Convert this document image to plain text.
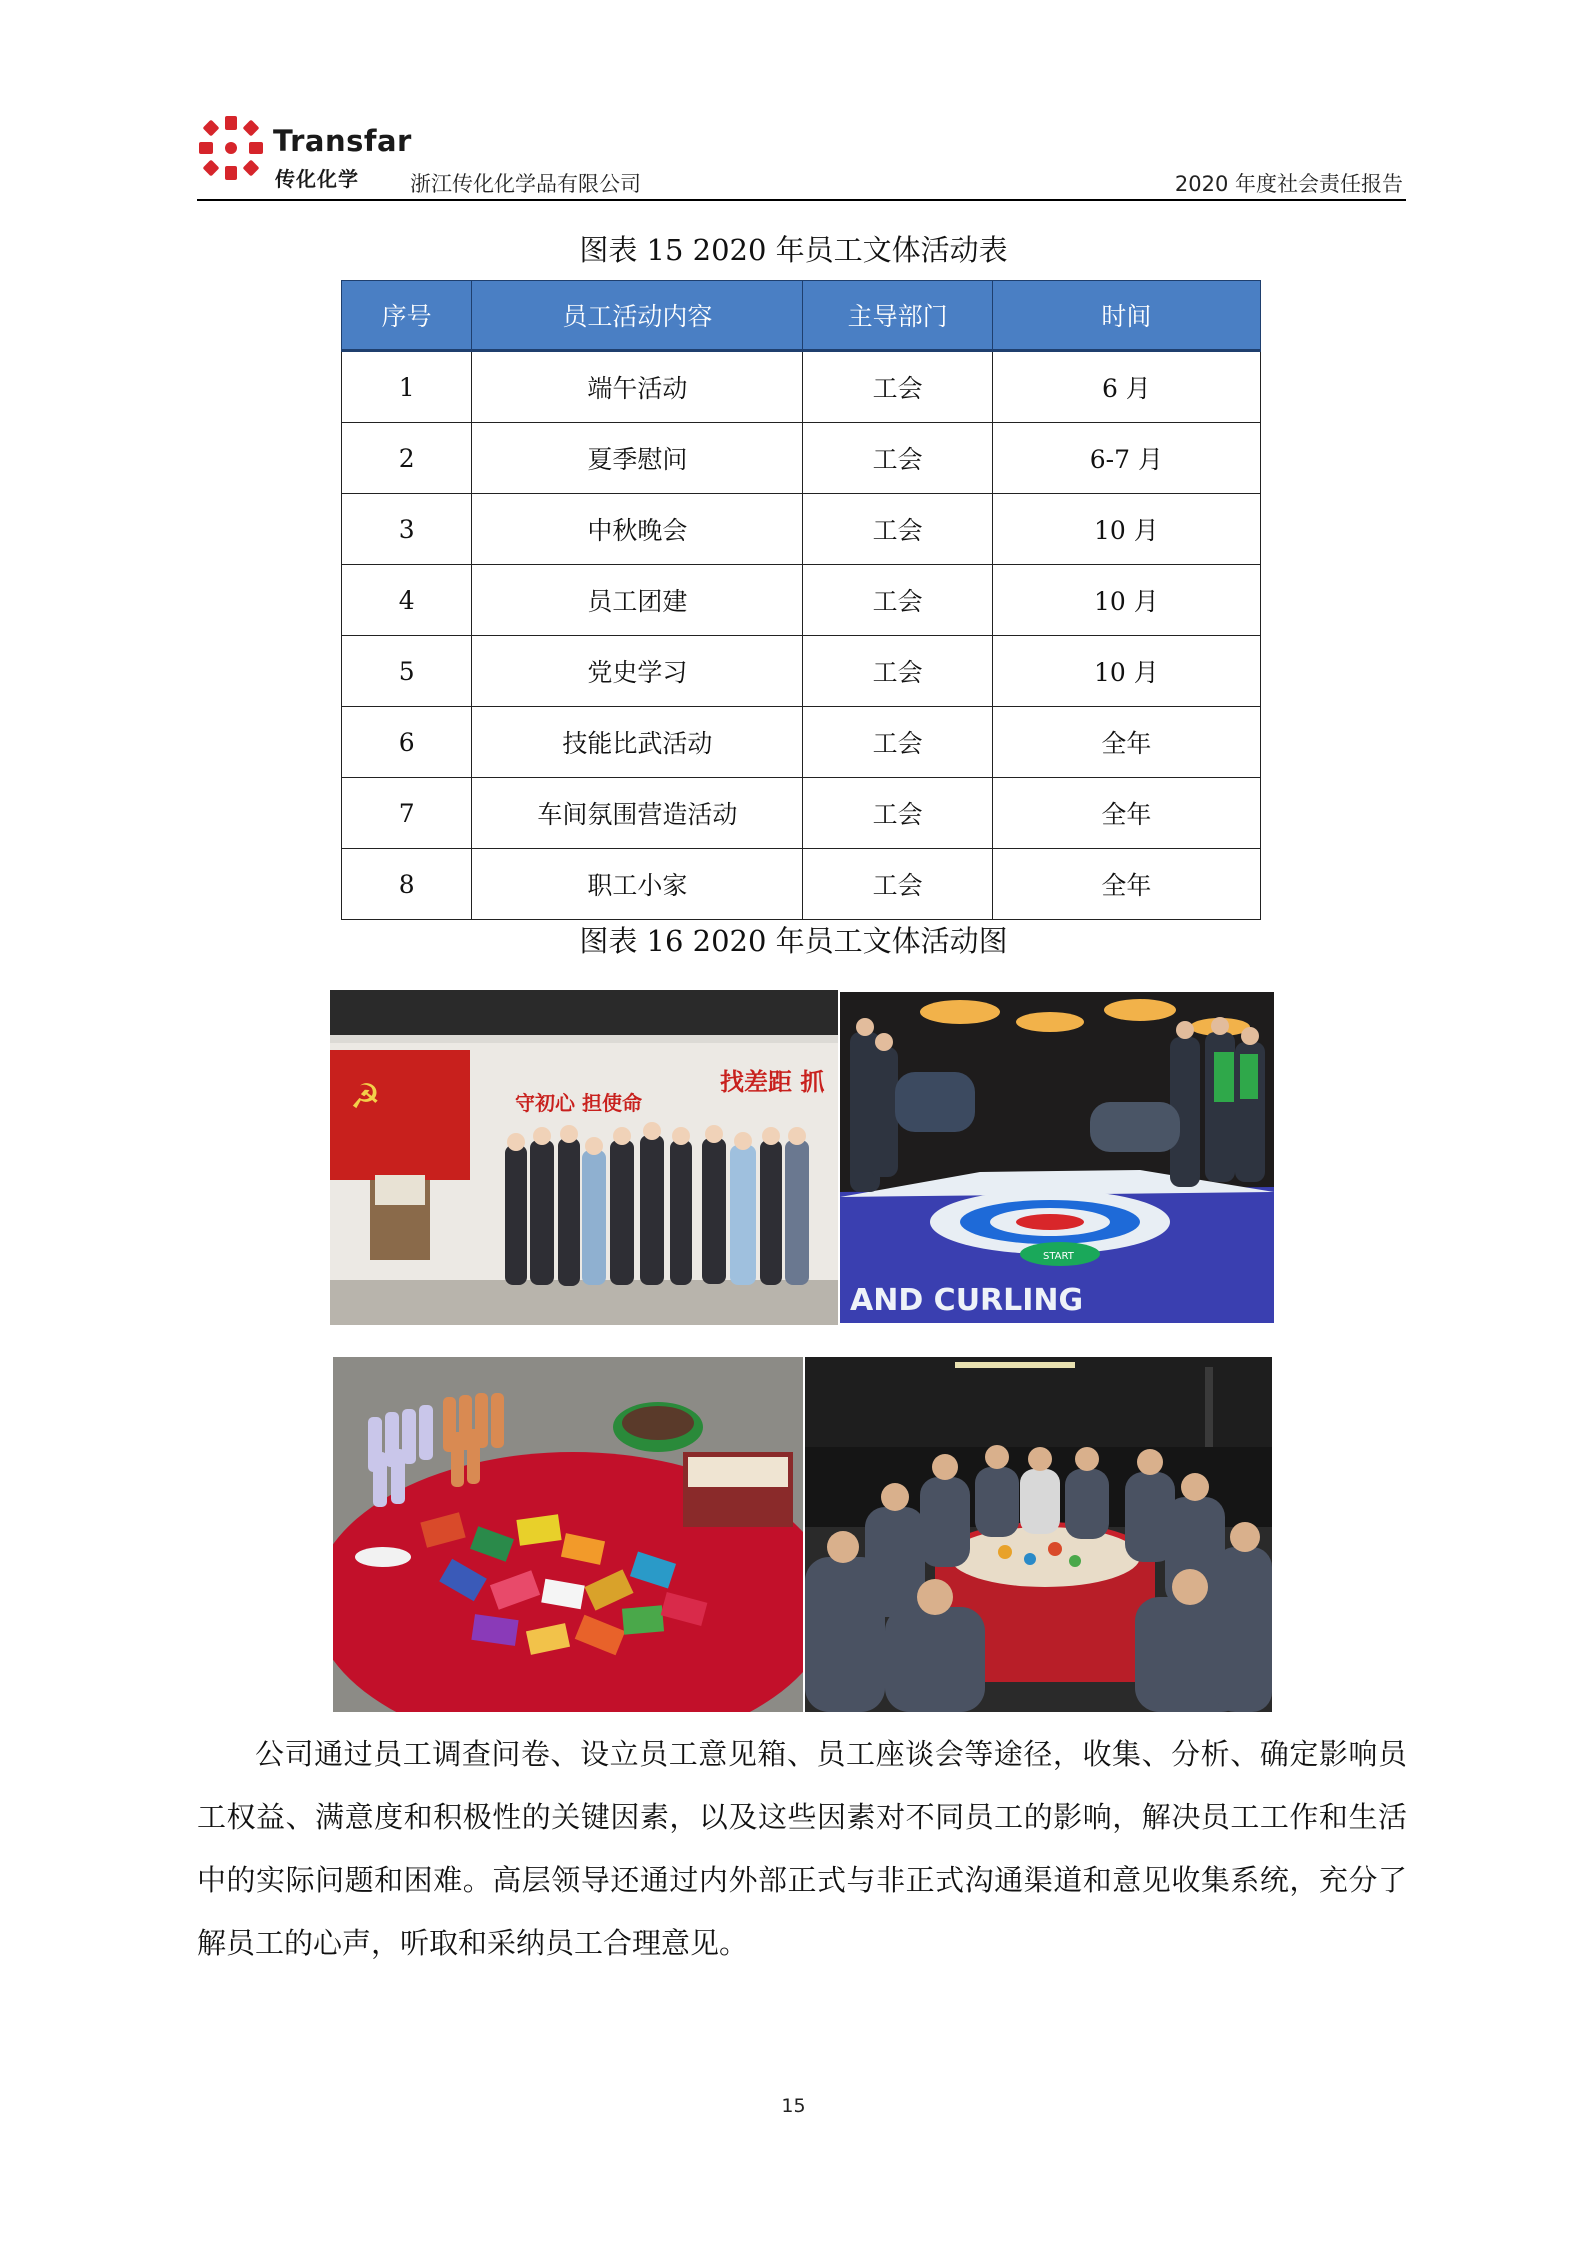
Transfar
传化化学 浙江传化化学品有限公司	2020 年度社会责任报告
图表 15 2020 年员工文体活动表
序号	员工活动内容	主导部门	时间
1	端午活动	工会	6 月
2	夏季慰问	工会	6-7 月
3	中秋晚会	工会	10 月
4	员工团建	工会	10 月
5	党史学习	工会	10 月
6	技能比武活动	工会	全年
7	车间氛围营造活动	工会	全年
8	职工小家	工会	全年
图表 16 2020 年员工文体活动图
☭	守初心 担使命
找差距 抓
START
AND CURLING

公司通过员工调查问卷、设立员工意见箱、员工座谈会等途径，收集、分析、确定影响员工权益、满意度和积极性的关键因素，以及这些因素对不同员工的影响，解决员工工作和生活中的实际问题和困难。高层领导还通过内外部正式与非正式沟通渠道和意见收集系统，充分了解员工的心声，听取和采纳员工合理意见。

15
